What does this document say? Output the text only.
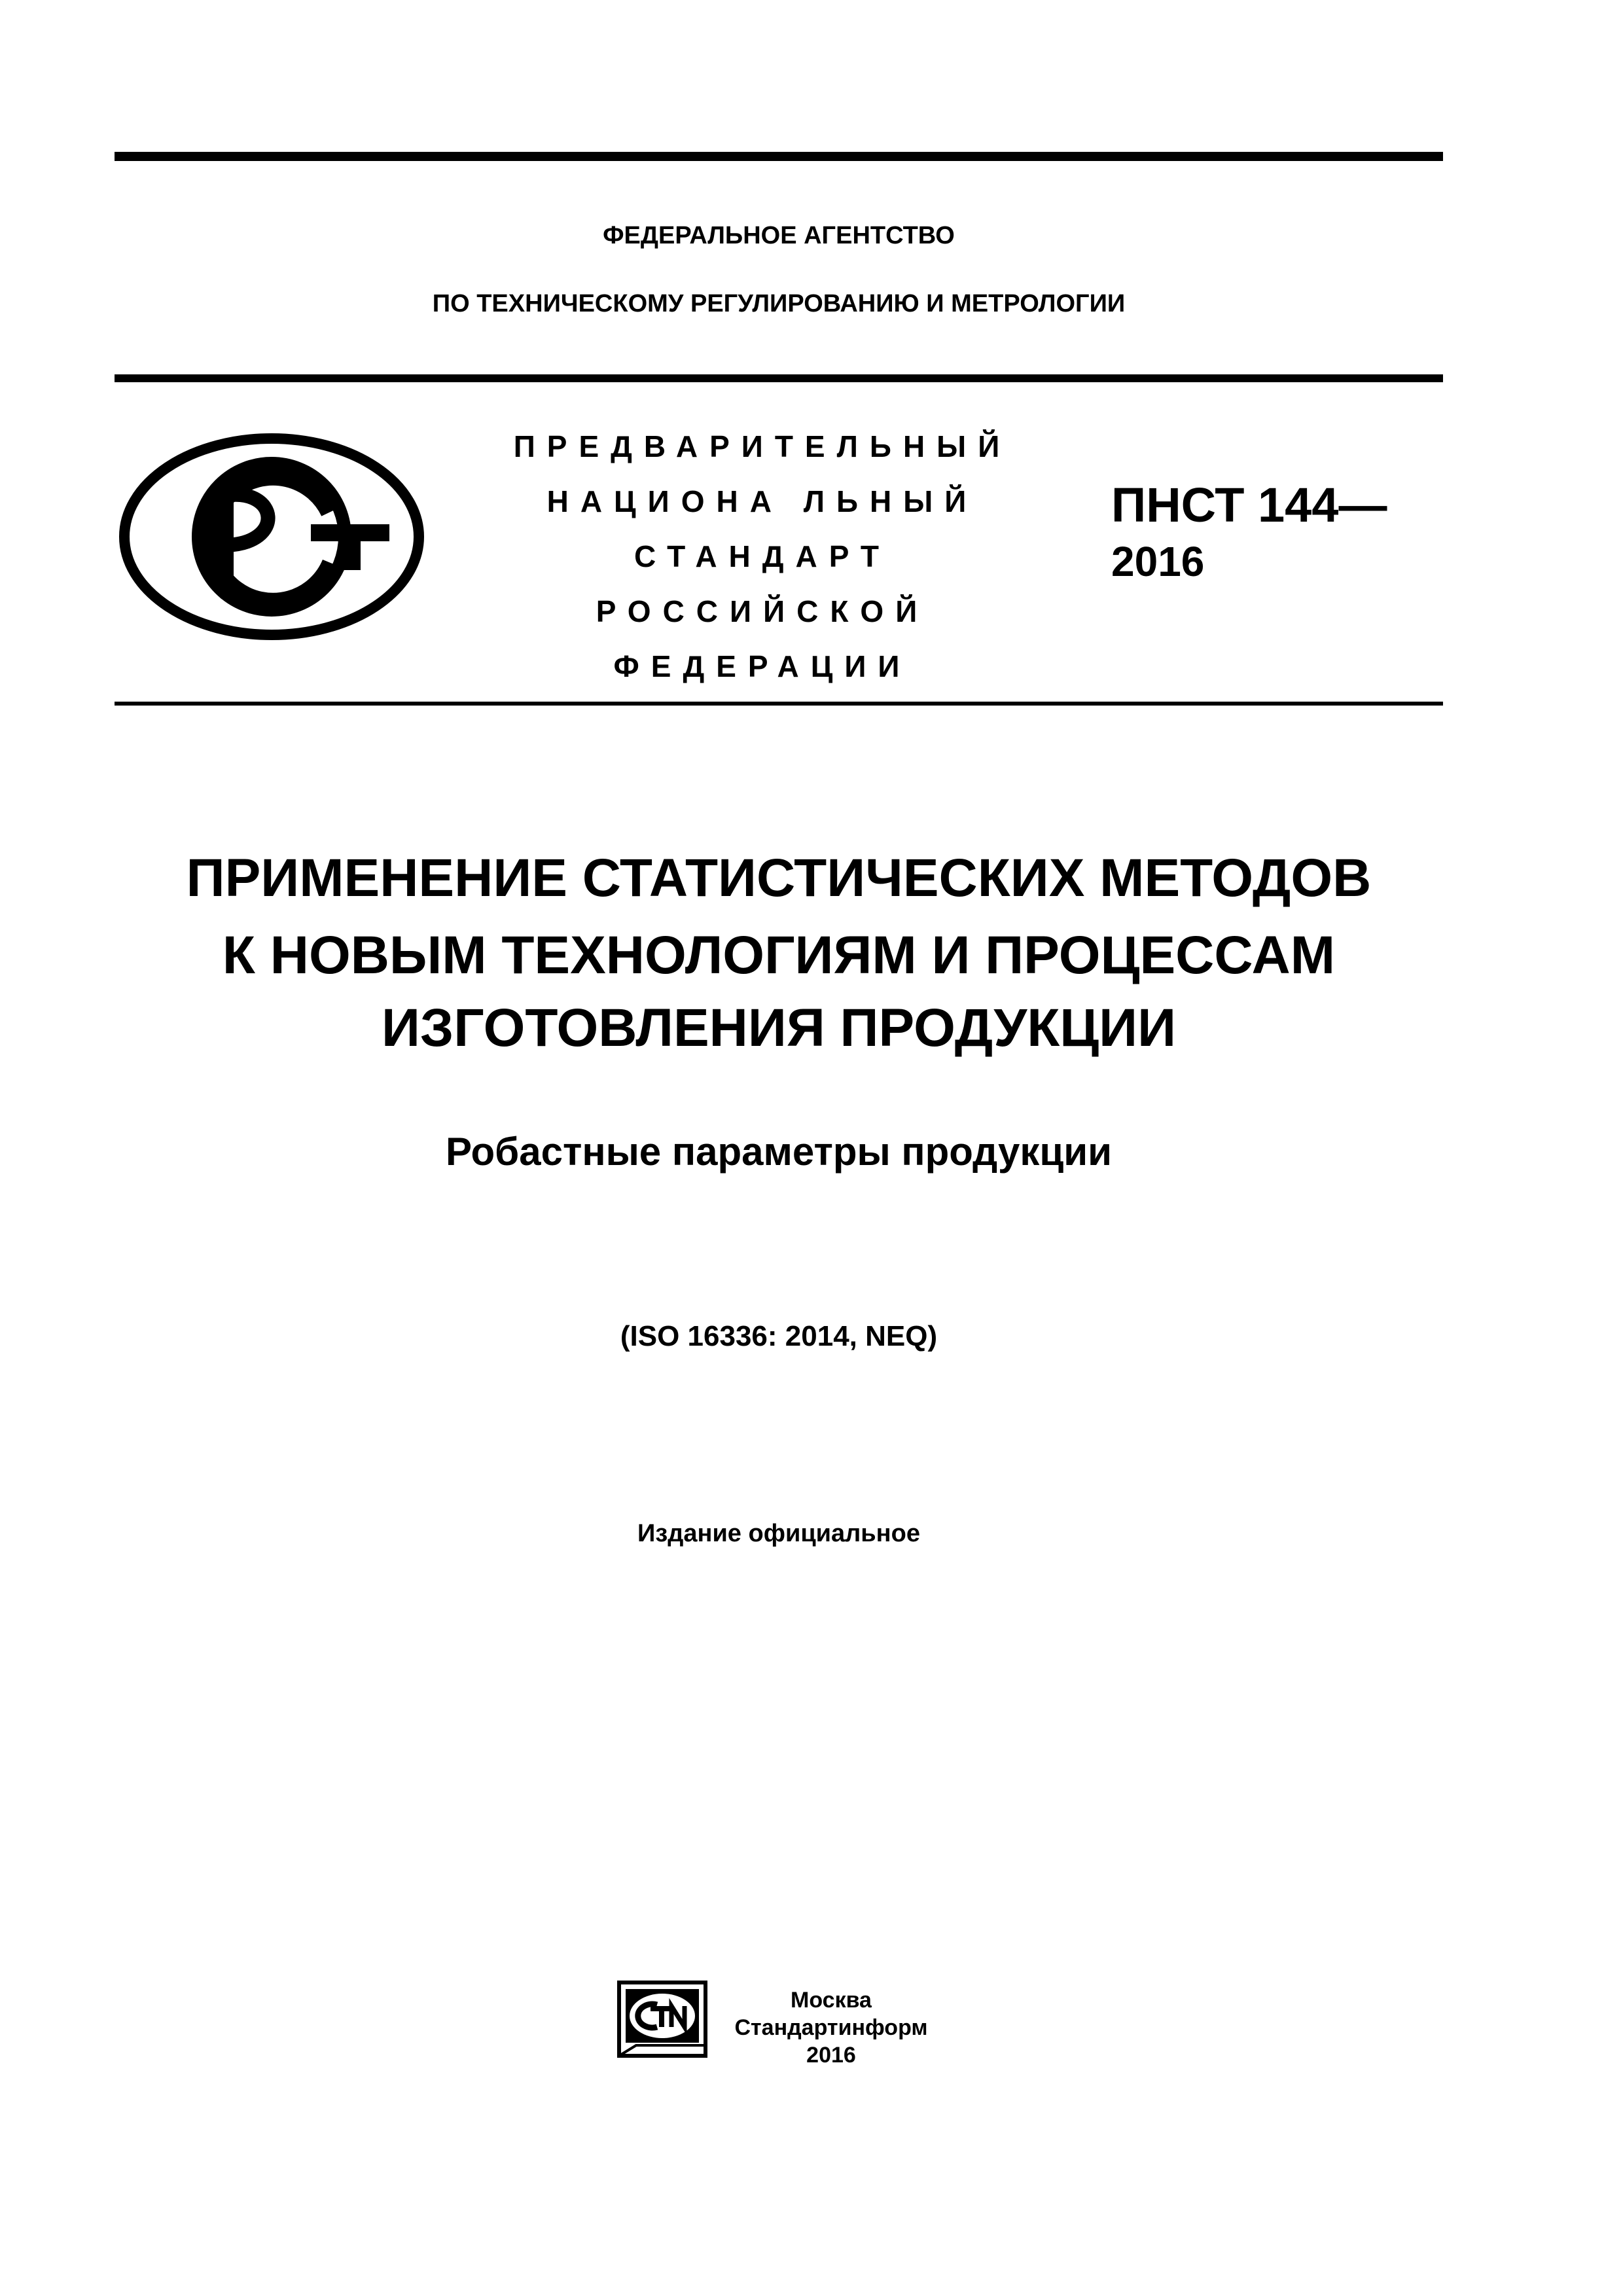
ФЕДЕРАЛЬНОЕ АГЕНТСТВО
ПО ТЕХНИЧЕСКОМУ РЕГУЛИРОВАНИЮ И МЕТРОЛОГИИ
ПРЕДВАРИТЕЛЬНЫЙ
НАЦИОНА ЛЬНЫЙ
СТАНДАРТ
РОССИЙСКОЙ
ФЕДЕРАЦИИ
ПНСТ 144—
2016
ПРИМЕНЕНИЕ СТАТИСТИЧЕСКИХ МЕТОДОВ
К НОВЫМ ТЕХНОЛОГИЯМ И ПРОЦЕССАМ
ИЗГОТОВЛЕНИЯ ПРОДУКЦИИ
Робастные параметры продукции
(ISO 16336: 2014, NEQ)
Издание официальное
Москва
Стандартинформ
2016
